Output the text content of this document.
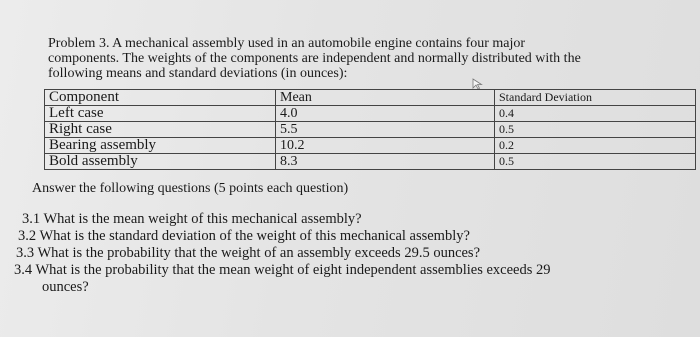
Problem 3. A mechanical assembly used in an automobile engine contains four major
components. The weights of the components are independent and normally distributed with the
following means and standard deviations (in ounces):
Component	Mean	Standard Deviation
Left case	4.0	0.4
Right case	5.5	0.5
Bearing assembly	10.2	0.2
Bold assembly	8.3	0.5
Answer the following questions (5 points each question)
3.1 What is the mean weight of this mechanical assembly?
3.2 What is the standard deviation of the weight of this mechanical assembly?
3.3 What is the probability that the weight of an assembly exceeds 29.5 ounces?
3.4 What is the probability that the mean weight of eight independent assemblies exceeds 29
ounces?
